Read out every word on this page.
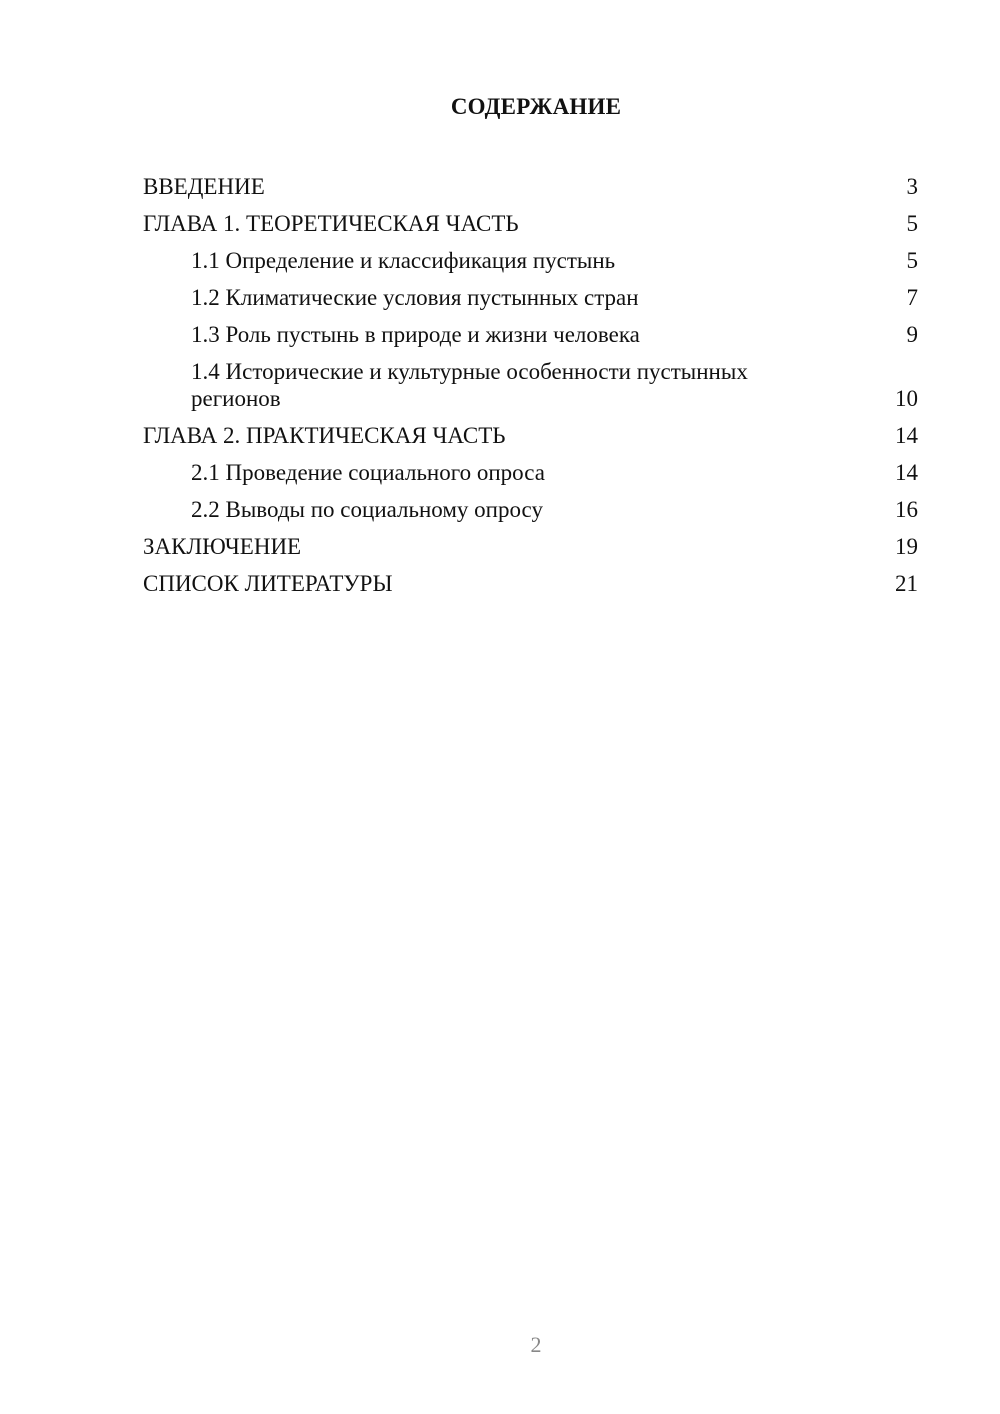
СОДЕРЖАНИЕ
ВВЕДЕНИЕ	3
ГЛАВА 1. ТЕОРЕТИЧЕСКАЯ ЧАСТЬ	5
1.1 Определение и классификация пустынь	5
1.2 Климатические условия пустынных стран	7
1.3 Роль пустынь в природе и жизни человека	9
1.4 Исторические и культурные особенности пустынных регионов	10
ГЛАВА 2. ПРАКТИЧЕСКАЯ ЧАСТЬ	14
2.1 Проведение социального опроса	14
2.2 Выводы по социальному опросу	16
ЗАКЛЮЧЕНИЕ	19
СПИСОК ЛИТЕРАТУРЫ	21
2
